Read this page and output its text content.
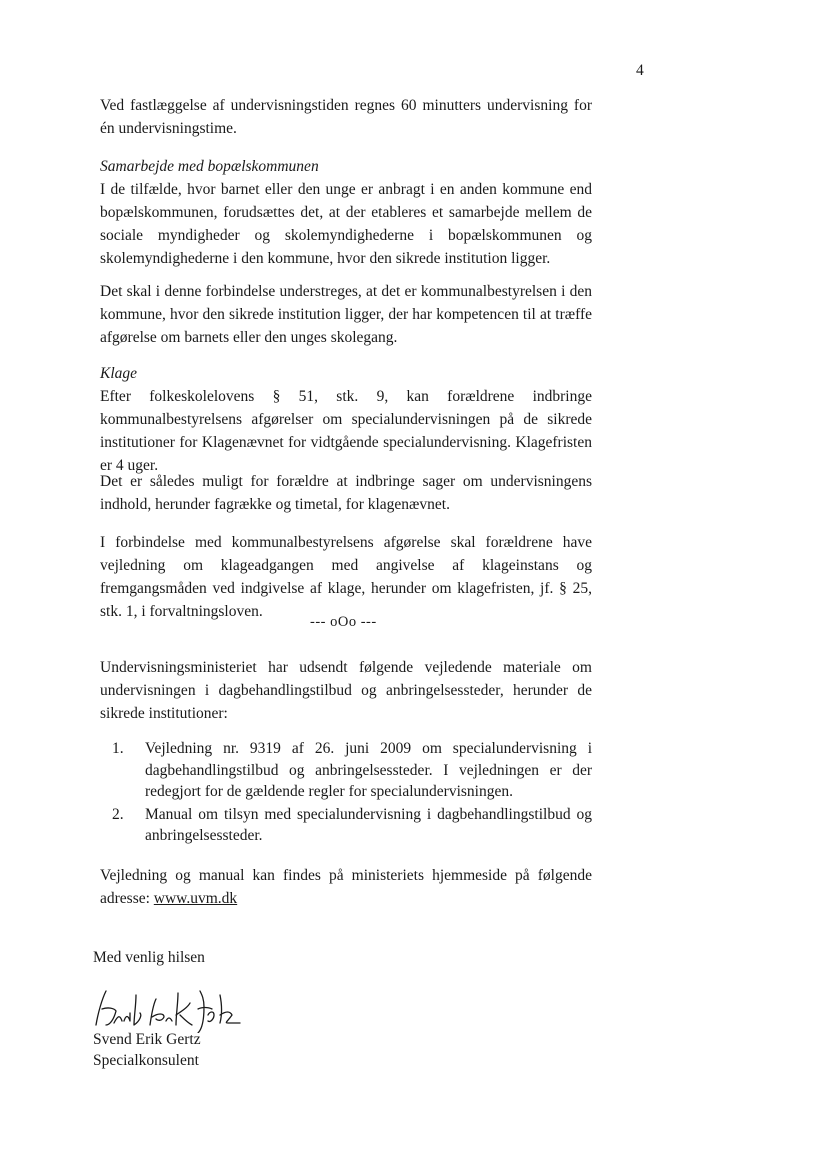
4

Ved fastlæggelse af undervisningstiden regnes 60 minutters undervisning for én undervisningstime.

Samarbejde med bopælskommunen
I de tilfælde, hvor barnet eller den unge er anbragt i en anden kommune end bopælskommunen, forudsættes det, at der etableres et samarbejde mellem de sociale myndigheder og skolemyndighederne i bopælskommunen og skolemyndighederne i den kommune, hvor den sikrede institution ligger.

Det skal i denne forbindelse understreges, at det er kommunalbestyrelsen i den kommune, hvor den sikrede institution ligger, der har kompetencen til at træffe afgørelse om barnets eller den unges skolegang.

Klage
Efter folkeskolelovens § 51, stk. 9, kan forældrene indbringe kommunalbestyrelsens afgørelser om specialundervisningen på de sikrede institutioner for Klagenævnet for vidtgående specialundervisning. Klagefristen er 4 uger.

Det er således muligt for forældre at indbringe sager om undervisningens indhold, herunder fagrække og timetal, for klagenævnet.

I forbindelse med kommunalbestyrelsens afgørelse skal forældrene have vejledning om klageadgangen med angivelse af klageinstans og fremgangsmåden ved indgivelse af klage, herunder om klagefristen, jf. § 25, stk. 1, i forvaltningsloven.

--- oOo ---

Undervisningsministeriet har udsendt følgende vejledende materiale om undervisningen i dagbehandlingstilbud og anbringelsessteder, herunder de sikrede institutioner:

1. Vejledning nr. 9319 af 26. juni 2009 om specialundervisning i dagbehandlingstilbud og anbringelsessteder. I vejledningen er der redegjort for de gældende regler for specialundervisningen.
2. Manual om tilsyn med specialundervisning i dagbehandlingstilbud og anbringelsessteder.

Vejledning og manual kan findes på ministeriets hjemmeside på følgende adresse: www.uvm.dk

Med venlig hilsen
Svend Erik Gertz
Specialkonsulent
